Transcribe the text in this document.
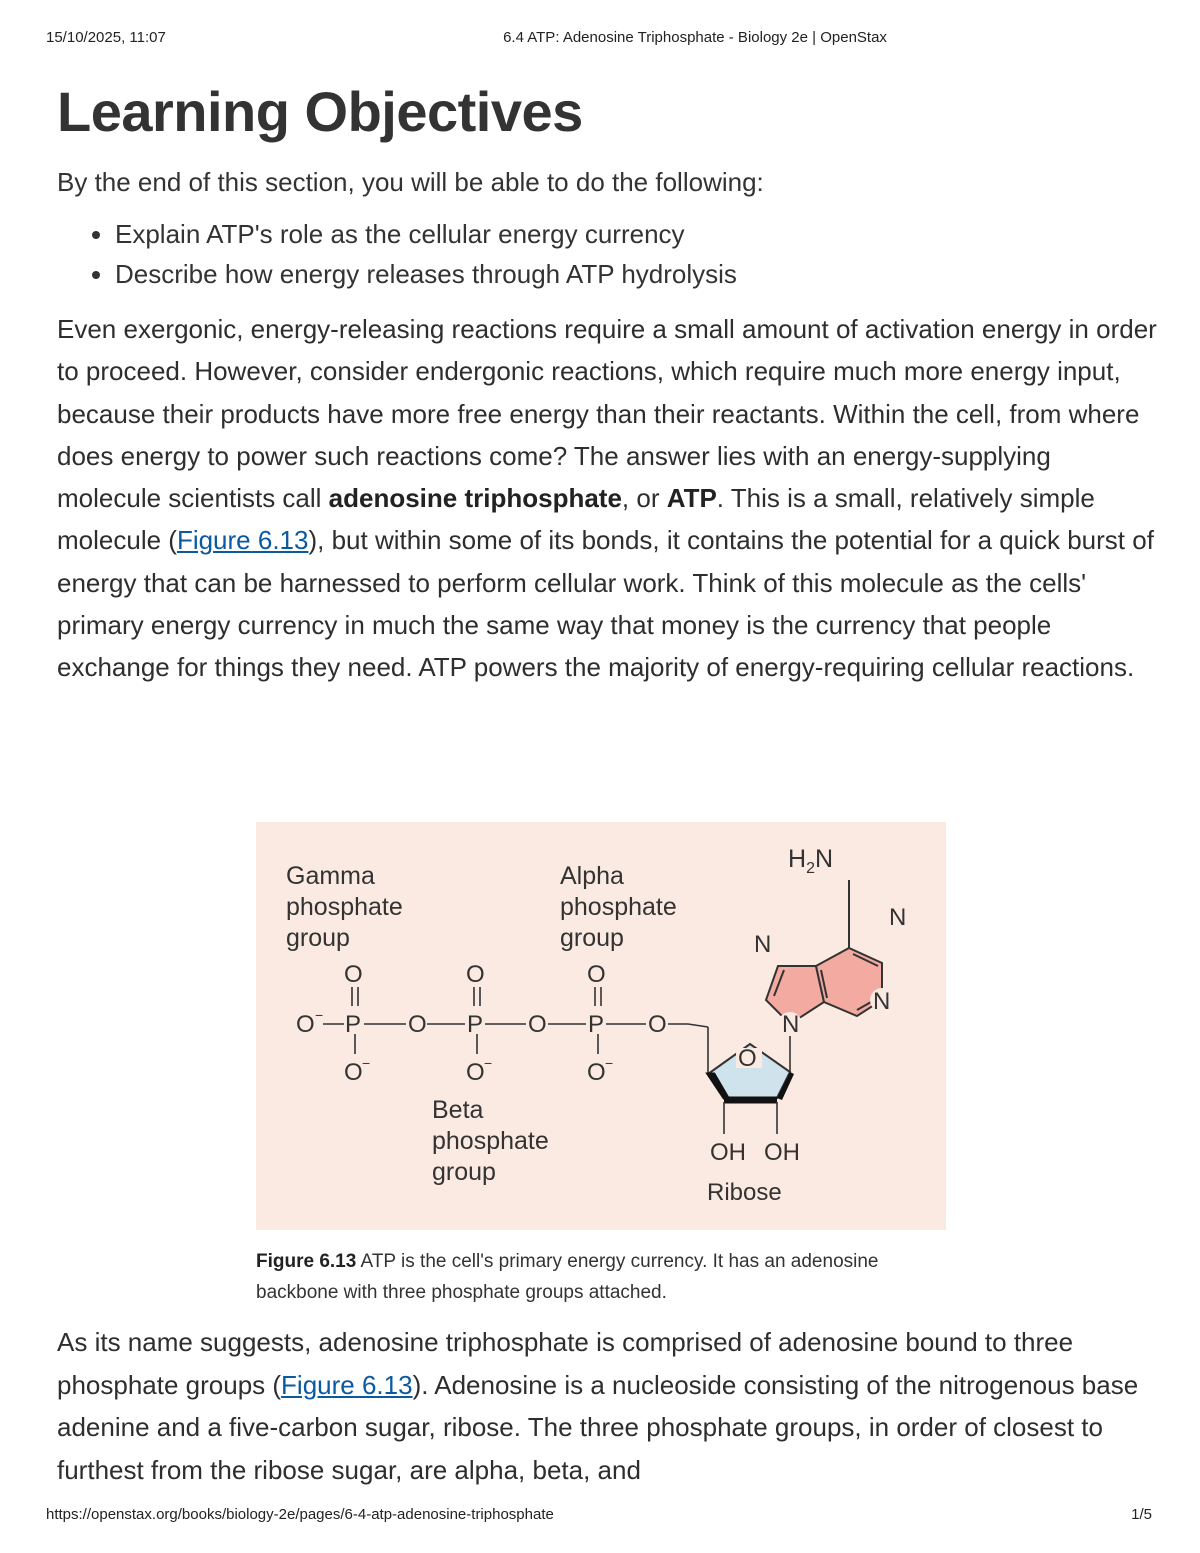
15/10/2025, 11:07	6.4 ATP: Adenosine Triphosphate - Biology 2e | OpenStax
Learning Objectives

By the end of this section, you will be able to do the following:

• Explain ATP's role as the cellular energy currency
• Describe how energy releases through ATP hydrolysis

Even exergonic, energy-releasing reactions require a small amount of activation energy in order to proceed. However, consider endergonic reactions, which require much more energy input, because their products have more free energy than their reactants. Within the cell, from where does energy to power such reactions come? The answer lies with an energy-supplying molecule scientists call adenosine triphosphate, or ATP. This is a small, relatively simple molecule (Figure 6.13), but within some of its bonds, it contains the potential for a quick burst of energy that can be harnessed to perform cellular work. Think of this molecule as the cells' primary energy currency in much the same way that money is the currency that people exchange for things they need. ATP powers the majority of energy-requiring cellular reactions.

Gamma
phosphate
group
Alpha
phosphate
group
Beta
phosphate
group
O	O	O
O − P O P O P O
O −	O −	O −	O
OH OH
Ribose
N
N
N
N
$H_2N$
Figure 6.13 ATP is the cell's primary energy currency. It has an adenosine backbone with three phosphate groups attached.

As its name suggests, adenosine triphosphate is comprised of adenosine bound to three phosphate groups (Figure 6.13). Adenosine is a nucleoside consisting of the nitrogenous base adenine and a five-carbon sugar, ribose. The three phosphate groups, in order of closest to furthest from the ribose sugar, are alpha, beta, and

https://openstax.org/books/biology-2e/pages/6-4-atp-adenosine-triphosphate	1/5
